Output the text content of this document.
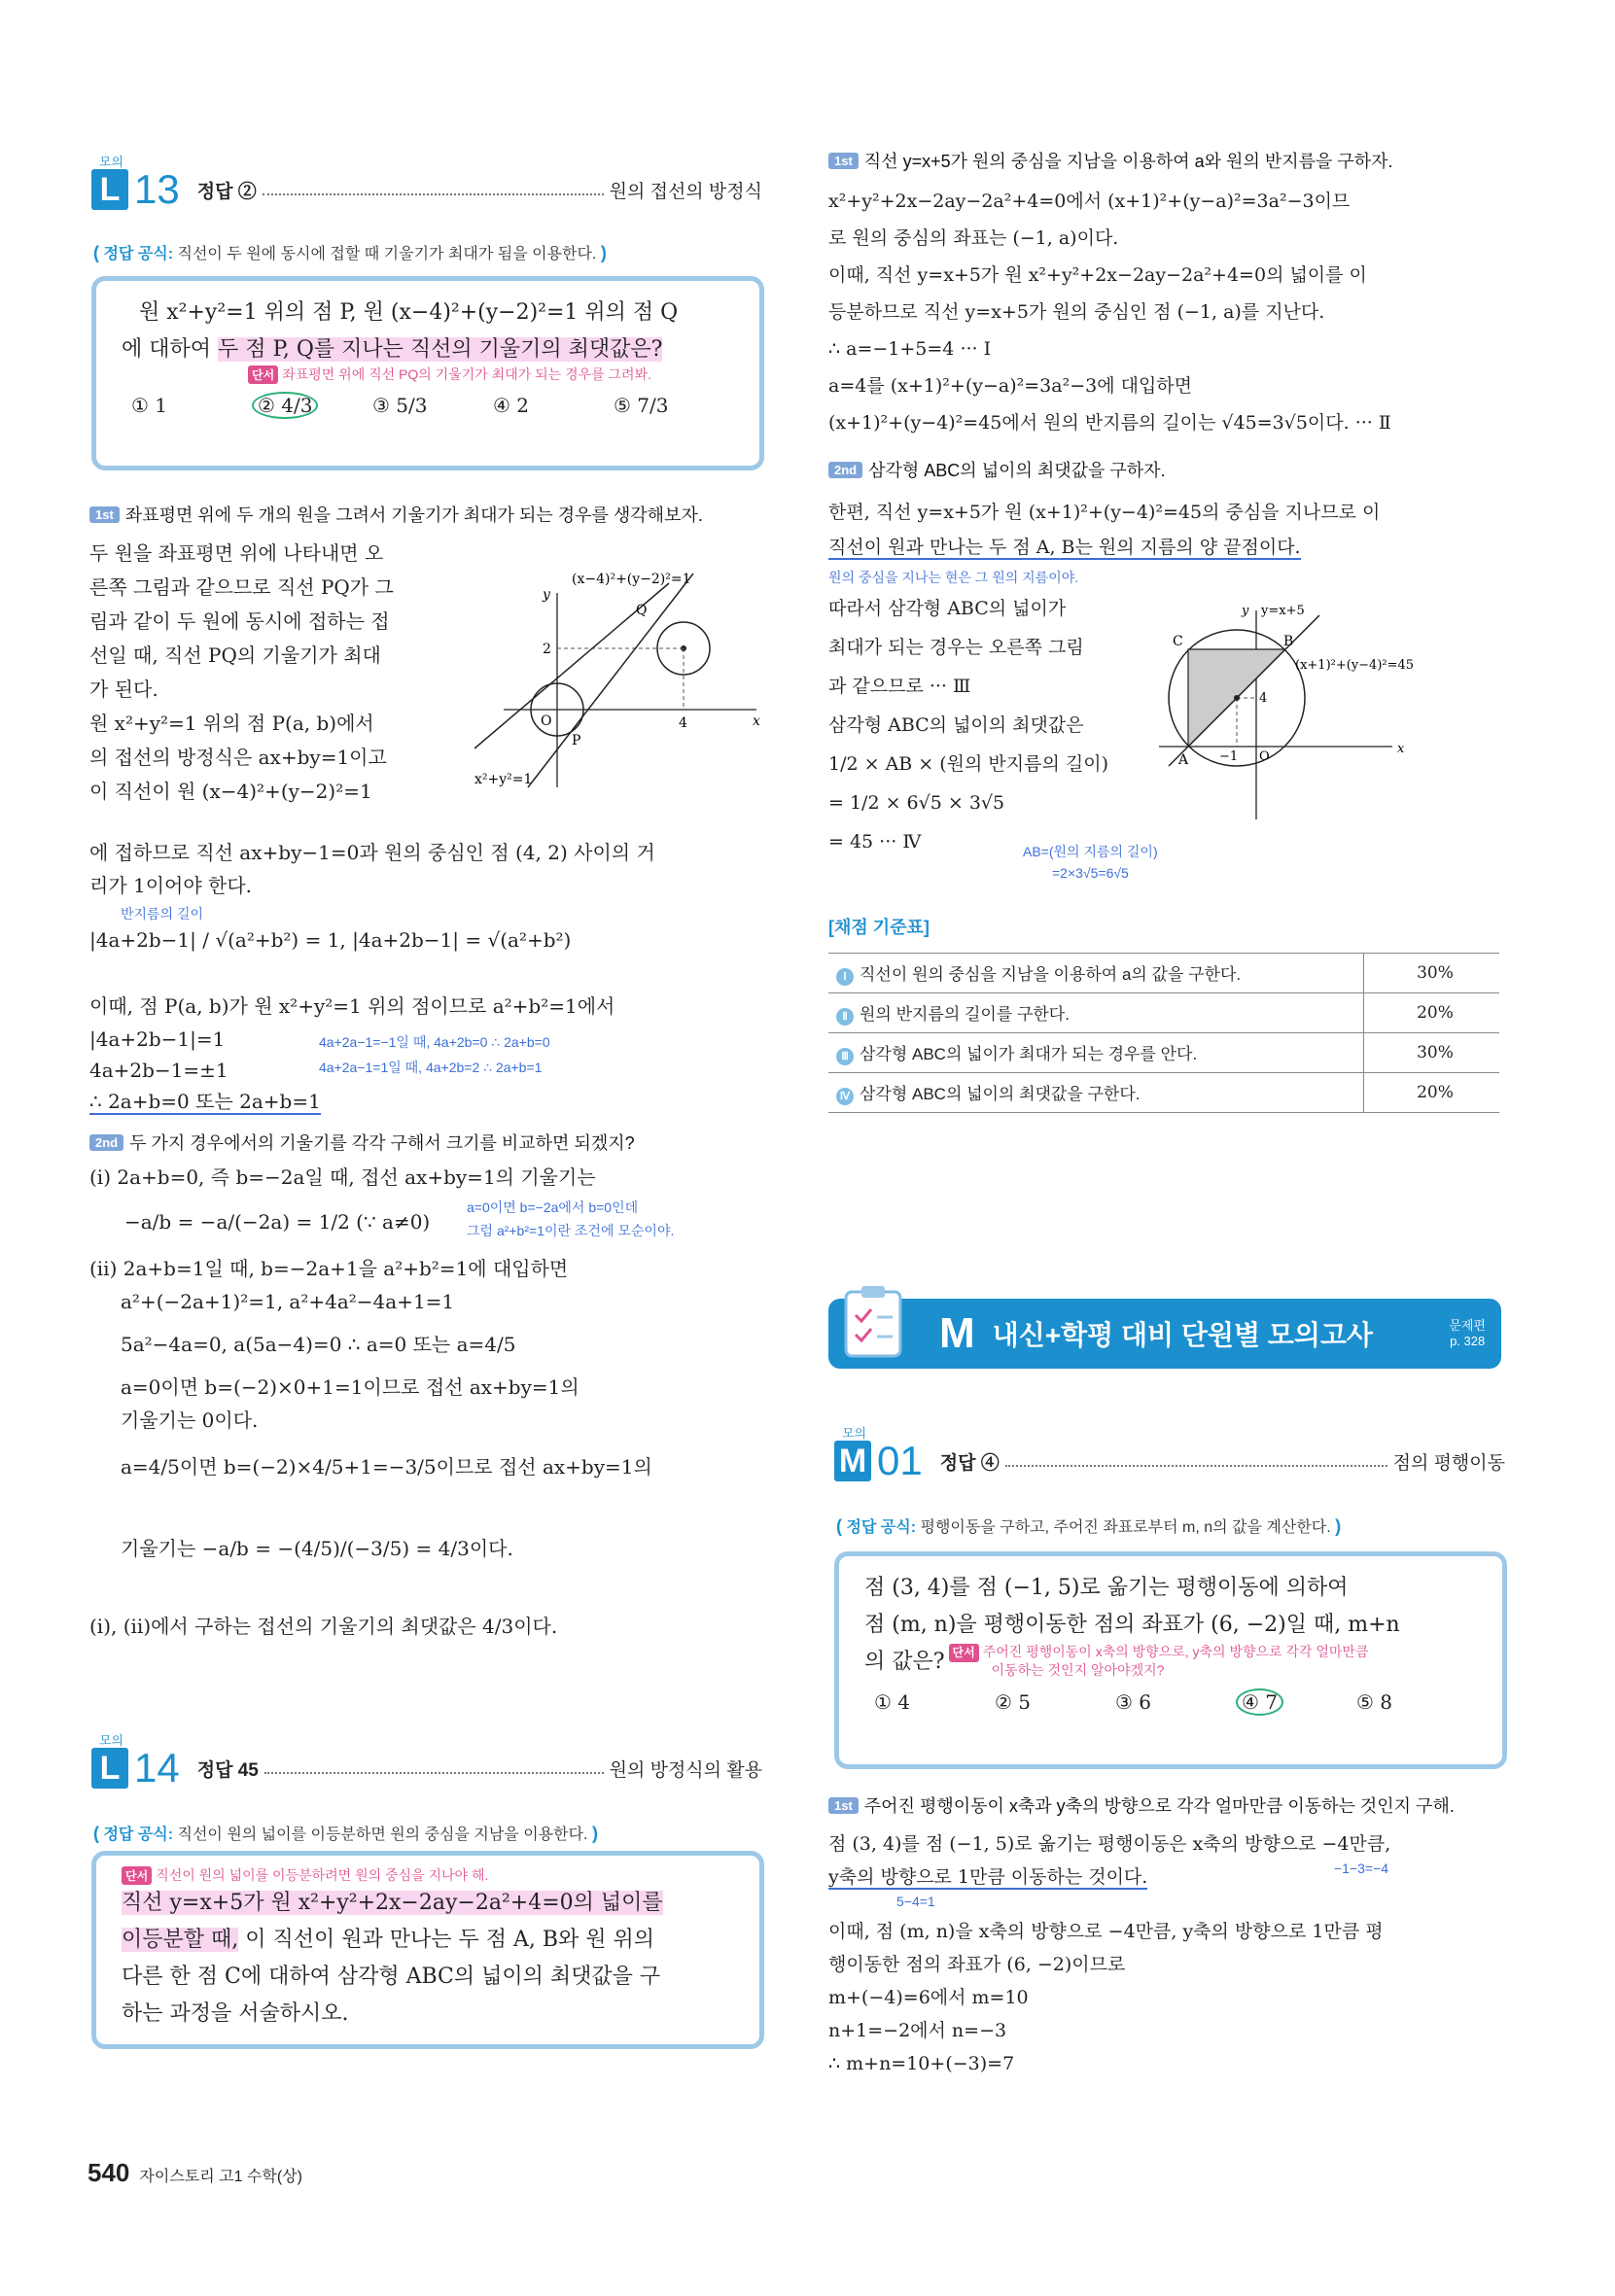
모의
L 13 정답 ②	원의 접선의 방정식
( 정답 공식: 직선이 두 원에 동시에 접할 때 기울기가 최대가 됨을 이용한다. )
원 x²+y²=1 위의 점 P, 원 (x−4)²+(y−2)²=1 위의 점 Q
에 대하여 두 점 P, Q를 지나는 직선의 기울기의 최댓값은?
단서 좌표평면 위에 직선 PQ의 기울기가 최대가 되는 경우를 그려봐.
① 1	② 4/3	③ 5/3	④ 2	⑤ 7/3
1st 좌표평면 위에 두 개의 원을 그려서 기울기가 최대가 되는 경우를 생각해보자.
두 원을 좌표평면 위에 나타내면 오
른쪽 그림과 같으므로 직선 PQ가 그
림과 같이 두 원에 동시에 접하는 접
선일 때, 직선 PQ의 기울기가 최대
가 된다.
원 x²+y²=1 위의 점 P(a, b)에서
의 접선의 방정식은 ax+by=1이고
이 직선이 원 (x−4)²+(y−2)²=1
y
x
2
4
O
Q
P
(x−4)²+(y−2)²=1
x²+y²=1
에 접하므로 직선 ax+by−1=0과 원의 중심인 점 (4, 2) 사이의 거
리가 1이어야 한다.
반지름의 길이
|4a+2b−1| / √(a²+b²) = 1, |4a+2b−1| = √(a²+b²)
이때, 점 P(a, b)가 원 x²+y²=1 위의 점이므로 a²+b²=1에서
|4a+2b−1|=1
4a+2b−1=±1
∴ 2a+b=0 또는 2a+b=1
4a+2a−1=−1일 때, 4a+2b=0 ∴ 2a+b=0
4a+2a−1=1일 때, 4a+2b=2 ∴ 2a+b=1
2nd 두 가지 경우에서의 기울기를 각각 구해서 크기를 비교하면 되겠지?
(ⅰ) 2a+b=0, 즉 b=−2a일 때, 접선 ax+by=1의 기울기는
−a/b = −a/(−2a) = 1/2 (∵ a≠0)
a=0이면 b=−2a에서 b=0인데
그럼 a²+b²=1이란 조건에 모순이야.
(ⅱ) 2a+b=1일 때, b=−2a+1을 a²+b²=1에 대입하면
a²+(−2a+1)²=1, a²+4a²−4a+1=1
5a²−4a=0, a(5a−4)=0 ∴ a=0 또는 a=4/5
a=0이면 b=(−2)×0+1=1이므로 접선 ax+by=1의
기울기는 0이다.
a=4/5이면 b=(−2)×4/5+1=−3/5이므로 접선 ax+by=1의
기울기는 −a/b = −(4/5)/(−3/5) = 4/3이다.
(ⅰ), (ⅱ)에서 구하는 접선의 기울기의 최댓값은 4/3이다.
모의
L 14 정답 45	원의 방정식의 활용
( 정답 공식: 직선이 원의 넓이를 이등분하면 원의 중심을 지남을 이용한다. )
단서 직선이 원의 넓이를 이등분하려면 원의 중심을 지나야 해.
직선 y=x+5가 원 x²+y²+2x−2ay−2a²+4=0의 넓이를
이등분할 때, 이 직선이 원과 만나는 두 점 A, B와 원 위의
다른 한 점 C에 대하여 삼각형 ABC의 넓이의 최댓값을 구
하는 과정을 서술하시오.
540 자이스토리 고1 수학(상)
1st 직선 y=x+5가 원의 중심을 지남을 이용하여 a와 원의 반지름을 구하자.
x²+y²+2x−2ay−2a²+4=0에서 (x+1)²+(y−a)²=3a²−3이므
로 원의 중심의 좌표는 (−1, a)이다.
이때, 직선 y=x+5가 원 x²+y²+2x−2ay−2a²+4=0의 넓이를 이
등분하므로 직선 y=x+5가 원의 중심인 점 (−1, a)를 지난다.
∴ a=−1+5=4 ··· Ⅰ
a=4를 (x+1)²+(y−a)²=3a²−3에 대입하면
(x+1)²+(y−4)²=45에서 원의 반지름의 길이는 √45=3√5이다. ··· Ⅱ
2nd 삼각형 ABC의 넓이의 최댓값을 구하자.
한편, 직선 y=x+5가 원 (x+1)²+(y−4)²=45의 중심을 지나므로 이
직선이 원과 만나는 두 점 A, B는 원의 지름의 양 끝점이다.
원의 중심을 지나는 현은 그 원의 지름이야.
따라서 삼각형 ABC의 넓이가
최대가 되는 경우는 오른쪽 그림
과 같으므로 ··· Ⅲ
삼각형 ABC의 넓이의 최댓값은
1/2 × AB × (원의 반지름의 길이)
= 1/2 × 6√5 × 3√5
= 45 ··· Ⅳ	AB=(원의 지름의 길이)
=2×3√5=6√5
y
x
y=x+5
(x+1)²+(y−4)²=45
C	B
A	O
−1
4
[채점 기준표]
Ⅰ 직선이 원의 중심을 지남을 이용하여 a의 값을 구한다.	30%
Ⅱ 원의 반지름의 길이를 구한다.	20%
Ⅲ 삼각형 ABC의 넓이가 최대가 되는 경우를 안다.	30%
Ⅳ 삼각형 ABC의 넓이의 최댓값을 구한다.	20%
M 내신+학평 대비 단원별 모의고사	문제편
p. 328
모의
M 01 정답 ④	점의 평행이동
( 정답 공식: 평행이동을 구하고, 주어진 좌표로부터 m, n의 값을 계산한다. )
점 (3, 4)를 점 (−1, 5)로 옮기는 평행이동에 의하여
점 (m, n)을 평행이동한 점의 좌표가 (6, −2)일 때, m+n
의 값은? 단서 주어진 평행이동이 x축의 방향으로, y축의 방향으로 각각 얼마만큼
이동하는 것인지 알아야겠지?
① 4	② 5	③ 6	④ 7	⑤ 8
1st 주어진 평행이동이 x축과 y축의 방향으로 각각 얼마만큼 이동하는 것인지 구해.
점 (3, 4)를 점 (−1, 5)로 옮기는 평행이동은 x축의 방향으로 −4만큼,
−1−3=−4
y축의 방향으로 1만큼 이동하는 것이다.
5−4=1
이때, 점 (m, n)을 x축의 방향으로 −4만큼, y축의 방향으로 1만큼 평
행이동한 점의 좌표가 (6, −2)이므로
m+(−4)=6에서 m=10
n+1=−2에서 n=−3
∴ m+n=10+(−3)=7
